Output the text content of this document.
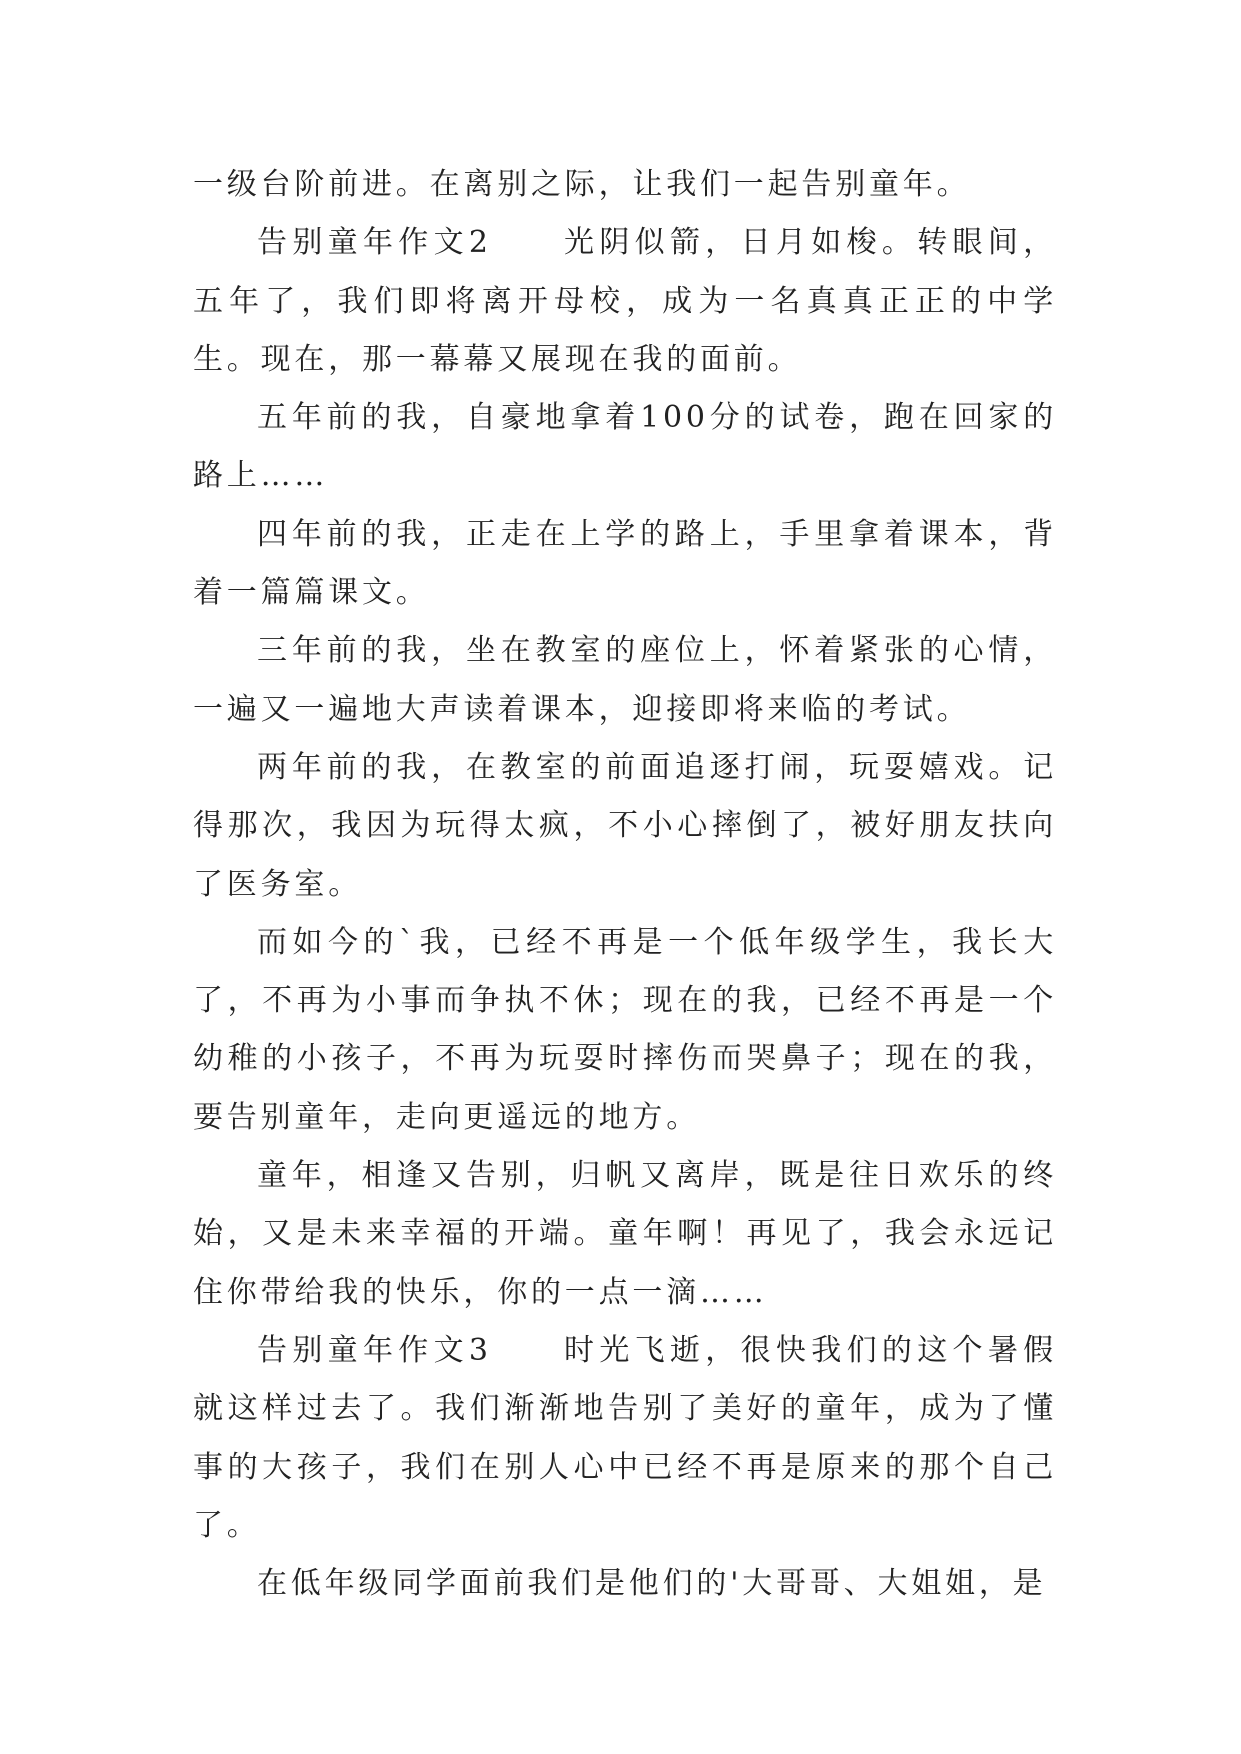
一级台阶前进。在离别之际，让我们一起告别童年。

告别童年作文2　　光阴似箭，日月如梭。转眼间，五年了，我们即将离开母校，成为一名真真正正的中学生。现在，那一幕幕又展现在我的面前。

五年前的我，自豪地拿着100分的试卷，跑在回家的路上……

四年前的我，正走在上学的路上，手里拿着课本，背着一篇篇课文。

三年前的我，坐在教室的座位上，怀着紧张的心情，一遍又一遍地大声读着课本，迎接即将来临的考试。

两年前的我，在教室的前面追逐打闹，玩耍嬉戏。记得那次，我因为玩得太疯，不小心摔倒了，被好朋友扶向了医务室。

而如今的`我，已经不再是一个低年级学生，我长大了，不再为小事而争执不休；现在的我，已经不再是一个幼稚的小孩子，不再为玩耍时摔伤而哭鼻子；现在的我，要告别童年，走向更遥远的地方。

童年，相逢又告别，归帆又离岸，既是往日欢乐的终始，又是未来幸福的开端。童年啊！再见了，我会永远记住你带给我的快乐，你的一点一滴……

告别童年作文3　　时光飞逝，很快我们的这个暑假就这样过去了。我们渐渐地告别了美好的童年，成为了懂事的大孩子，我们在别人心中已经不再是原来的那个自己了。

在低年级同学面前我们是他们的'大哥哥、大姐姐，是
